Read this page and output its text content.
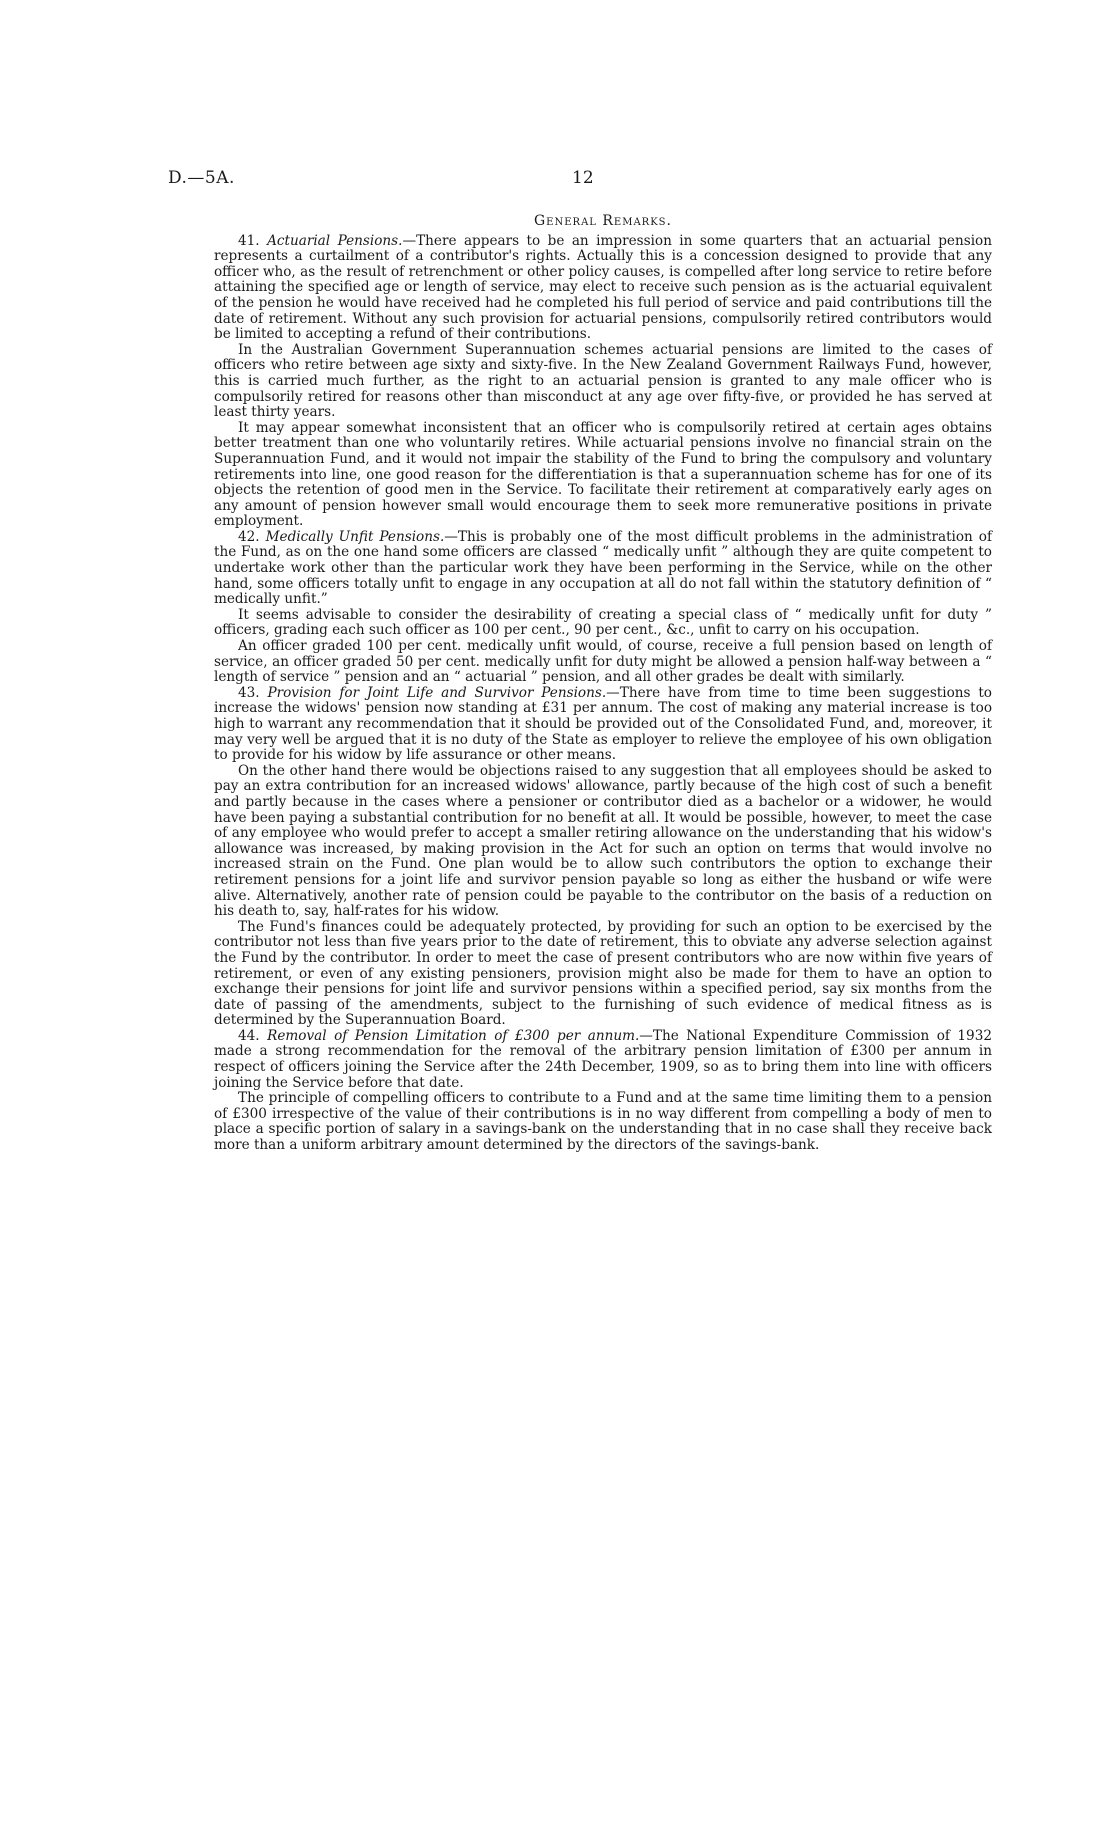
D.—5A.	12
General Remarks.

41. Actuarial Pensions.—There appears to be an impression in some quarters that an actuarial pension represents a curtailment of a contributor's rights. Actually this is a concession designed to provide that any officer who, as the result of retrenchment or other policy causes, is compelled after long service to retire before attaining the specified age or length of service, may elect to receive such pension as is the actuarial equivalent of the pension he would have received had he completed his full period of service and paid contributions till the date of retirement. Without any such provision for actuarial pensions, compulsorily retired contributors would be limited to accepting a refund of their contributions.

In the Australian Government Superannuation schemes actuarial pensions are limited to the cases of officers who retire between age sixty and sixty-five. In the New Zealand Government Railways Fund, however, this is carried much further, as the right to an actuarial pension is granted to any male officer who is compulsorily retired for reasons other than misconduct at any age over fifty-five, or provided he has served at least thirty years.

It may appear somewhat inconsistent that an officer who is compulsorily retired at certain ages obtains better treatment than one who voluntarily retires. While actuarial pensions involve no financial strain on the Superannuation Fund, and it would not impair the stability of the Fund to bring the compulsory and voluntary retirements into line, one good reason for the differentiation is that a superannuation scheme has for one of its objects the retention of good men in the Service. To facilitate their retirement at comparatively early ages on any amount of pension however small would encourage them to seek more remunerative positions in private employment.

42. Medically Unfit Pensions.—This is probably one of the most difficult problems in the administration of the Fund, as on the one hand some officers are classed “ medically unfit ” although they are quite competent to undertake work other than the particular work they have been performing in the Service, while on the other hand, some officers totally unfit to engage in any occupation at all do not fall within the statutory definition of “ medically unfit.”

It seems advisable to consider the desirability of creating a special class of “ medically unfit for duty ” officers, grading each such officer as 100 per cent., 90 per cent., &c., unfit to carry on his occupation.

An officer graded 100 per cent. medically unfit would, of course, receive a full pension based on length of service, an officer graded 50 per cent. medically unfit for duty might be allowed a pension half-way between a “ length of service ” pension and an “ actuarial ” pension, and all other grades be dealt with similarly.

43. Provision for Joint Life and Survivor Pensions.—There have from time to time been suggestions to increase the widows' pension now standing at £31 per annum. The cost of making any material increase is too high to warrant any recommendation that it should be provided out of the Consolidated Fund, and, moreover, it may very well be argued that it is no duty of the State as employer to relieve the employee of his own obligation to provide for his widow by life assurance or other means.

On the other hand there would be objections raised to any suggestion that all employees should be asked to pay an extra contribution for an increased widows' allowance, partly because of the high cost of such a benefit and partly because in the cases where a pensioner or contributor died as a bachelor or a widower, he would have been paying a substantial contribution for no benefit at all. It would be possible, however, to meet the case of any employee who would prefer to accept a smaller retiring allowance on the understanding that his widow's allowance was increased, by making provision in the Act for such an option on terms that would involve no increased strain on the Fund. One plan would be to allow such contributors the option to exchange their retirement pensions for a joint life and survivor pension payable so long as either the husband or wife were alive. Alternatively, another rate of pension could be payable to the contributor on the basis of a reduction on his death to, say, half-rates for his widow.

The Fund's finances could be adequately protected, by providing for such an option to be exercised by the contributor not less than five years prior to the date of retirement, this to obviate any adverse selection against the Fund by the contributor. In order to meet the case of present contributors who are now within five years of retirement, or even of any existing pensioners, provision might also be made for them to have an option to exchange their pensions for joint life and survivor pensions within a specified period, say six months from the date of passing of the amendments, subject to the furnishing of such evidence of medical fitness as is determined by the Superannuation Board.

44. Removal of Pension Limitation of £300 per annum.—The National Expenditure Commission of 1932 made a strong recommendation for the removal of the arbitrary pension limitation of £300 per annum in respect of officers joining the Service after the 24th December, 1909, so as to bring them into line with officers joining the Service before that date.

The principle of compelling officers to contribute to a Fund and at the same time limiting them to a pension of £300 irrespective of the value of their contributions is in no way different from compelling a body of men to place a specific portion of salary in a savings-bank on the understanding that in no case shall they receive back more than a uniform arbitrary amount determined by the directors of the savings-bank.
